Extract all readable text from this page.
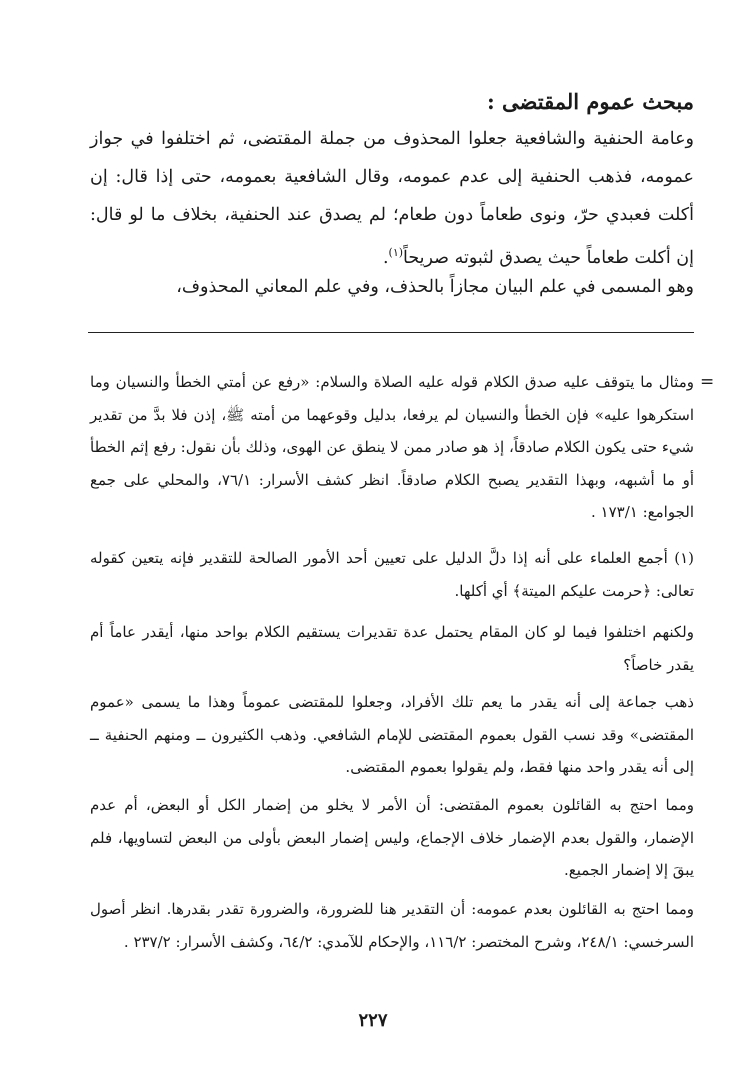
مبحث عموم المقتضى :
وعامة الحنفية والشافعية جعلوا المحذوف من جملة المقتضى، ثم اختلفوا في جواز عمومه، فذهب الحنفية إلى عدم عمومه، وقال الشافعية بعمومه، حتى إذا قال: إن أكلت فعبدي حرّ، ونوى طعاماً دون طعام؛ لم يصدق عند الحنفية، بخلاف ما لو قال: إن أكلت طعاماً حيث يصدق لثبوته صريحاً$^{(١)}$.
وهو المسمى في علم البيان مجازاً بالحذف، وفي علم المعاني المحذوف،
=
ومثال ما يتوقف عليه صدق الكلام قوله عليه الصلاة والسلام: «رفع عن أمتي الخطأ والنسيان وما استكرهوا عليه» فإن الخطأ والنسيان لم يرفعا، بدليل وقوعهما من أمته ﷺ، إذن فلا بدَّ من تقدير شيء حتى يكون الكلام صادقاً، إذ هو صادر ممن لا ينطق عن الهوى، وذلك بأن نقول: رفع إثم الخطأ أو ما أشبهه، وبهذا التقدير يصبح الكلام صادقاً. انظر كشف الأسرار: ٧٦/١، والمحلي على جمع الجوامع: ١٧٣/١ .
(١) أجمع العلماء على أنه إذا دلَّ الدليل على تعيين أحد الأمور الصالحة للتقدير فإنه يتعين كقوله تعالى: ﴿حرمت عليكم الميتة﴾ أي أكلها.
ولكنهم اختلفوا فيما لو كان المقام يحتمل عدة تقديرات يستقيم الكلام بواحد منها، أيقدر عاماً أم يقدر خاصاً؟
ذهب جماعة إلى أنه يقدر ما يعم تلك الأفراد، وجعلوا للمقتضى عموماً وهذا ما يسمى «عموم المقتضى» وقد نسب القول بعموم المقتضى للإمام الشافعي. وذهب الكثيرون ــ ومنهم الحنفية ــ إلى أنه يقدر واحد منها فقط، ولم يقولوا بعموم المقتضى.
ومما احتج به القائلون بعموم المقتضى: أن الأمر لا يخلو من إضمار الكل أو البعض، أم عدم الإضمار، والقول بعدم الإضمار خلاف الإجماع، وليس إضمار البعض بأولى من البعض لتساويها، فلم يبقَ إلا إضمار الجميع.
ومما احتج به القائلون بعدم عمومه: أن التقدير هنا للضرورة، والضرورة تقدر بقدرها. انظر أصول السرخسي: ٢٤٨/١، وشرح المختصر: ١١٦/٢، والإحكام للآمدي: ٦٤/٢، وكشف الأسرار: ٢٣٧/٢ .
٢٢٧
